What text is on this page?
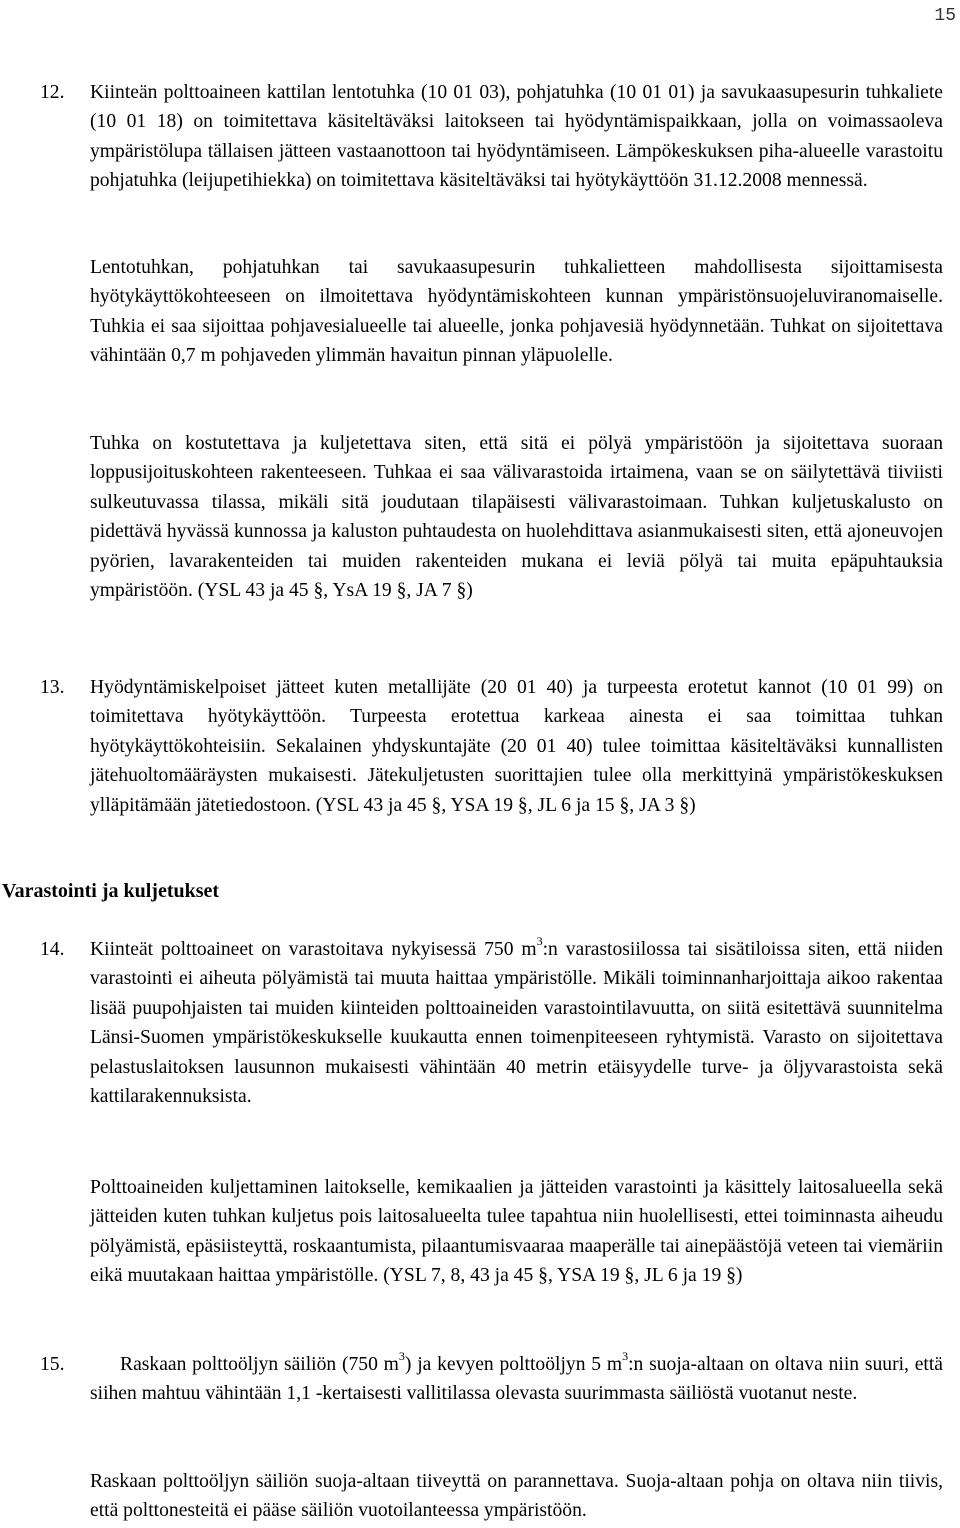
15
12. Kiinteän polttoaineen kattilan lentotuhka (10 01 03), pohjatuhka (10 01 01) ja savukaasupesurin tuhkaliete (10 01 18) on toimitettava käsiteltäväksi laitokseen tai hyödyntämispaikkaan, jolla on voimassaoleva ympäristölupa tällaisen jätteen vastaanottoon tai hyödyntämiseen. Lämpökeskuksen piha-alueelle varastoitu pohjatuhka (leijupetihiekka) on toimitettava käsiteltäväksi tai hyötykäyttöön 31.12.2008 mennessä.

Lentotuhkan, pohjatuhkan tai savukaasupesurin tuhkalietteen mahdollisesta sijoittamisesta hyötykäyttökohteeseen on ilmoitettava hyödyntämiskohteen kunnan ympäristönsuojeluviranomaiselle. Tuhkia ei saa sijoittaa pohjavesialueelle tai alueelle, jonka pohjavesiä hyödynnetään. Tuhkat on sijoitettava vähintään 0,7 m pohjaveden ylimmän havaitun pinnan yläpuolelle.

Tuhka on kostutettava ja kuljetettava siten, että sitä ei pölyä ympäristöön ja sijoitettava suoraan loppusijoituskohteen rakenteeseen. Tuhkaa ei saa välivarastoida irtaimena, vaan se on säilytettävä tiiviisti sulkeutuvassa tilassa, mikäli sitä joudutaan tilapäisesti välivarastoimaan. Tuhkan kuljetuskalusto on pidettävä hyvässä kunnossa ja kaluston puhtaudesta on huolehdittava asianmukaisesti siten, että ajoneuvojen pyörien, lavarakenteiden tai muiden rakenteiden mukana ei leviä pölyä tai muita epäpuhtauksia ympäristöön. (YSL 43 ja 45 §, YsA 19 §, JA 7 §)

13. Hyödyntämiskelpoiset jätteet kuten metallijäte (20 01 40) ja turpeesta erotetut kannot (10 01 99) on toimitettava hyötykäyttöön. Turpeesta erotettua karkeaa ainesta ei saa toimittaa tuhkan hyötykäyttökohteisiin. Sekalainen yhdyskuntajäte (20 01 40) tulee toimittaa käsiteltäväksi kunnallisten jätehuoltomääräysten mukaisesti. Jätekuljetusten suorittajien tulee olla merkittyinä ympäristökeskuksen ylläpitämään jätetiedostoon. (YSL 43 ja 45 §, YSA 19 §, JL 6 ja 15 §, JA 3 §)

Varastointi ja kuljetukset
14. Kiinteät polttoaineet on varastoitava nykyisessä 750 $m^3:n$ varastosiilossa tai sisätiloissa siten, että niiden varastointi ei aiheuta pölyämistä tai muuta haittaa ympäristölle. Mikäli toiminnanharjoittaja aikoo rakentaa lisää puupohjaisten tai muiden kiinteiden polttoaineiden varastointilavuutta, on siitä esitettävä suunnitelma Länsi-Suomen ympäristökeskukselle kuukautta ennen toimenpiteeseen ryhtymistä. Varasto on sijoitettava pelastuslaitoksen lausunnon mukaisesti vähintään 40 metrin etäisyydelle turve- ja öljyvarastoista sekä kattilarakennuksista.

Polttoaineiden kuljettaminen laitokselle, kemikaalien ja jätteiden varastointi ja käsittely laitosalueella sekä jätteiden kuten tuhkan kuljetus pois laitosalueelta tulee tapahtua niin huolellisesti, ettei toiminnasta aiheudu pölyämistä, epäsiisteyttä, roskaantumista, pilaantumisvaaraa maaperälle tai ainepäästöjä veteen tai viemäriin eikä muutakaan haittaa ympäristölle. (YSL 7, 8, 43 ja 45 §, YSA 19 §, JL 6 ja 19 §)

15.	Raskaan polttoöljyn säiliön (750 $m^3$) ja kevyen polttoöljyn 5 $m^3:n$ suoja-altaan on oltava niin suuri, että siihen mahtuu vähintään 1,1 -kertaisesti vallitilassa olevasta suurimmasta säiliöstä vuotanut neste.

Raskaan polttoöljyn säiliön suoja-altaan tiiveyttä on parannettava. Suoja-altaan pohja on oltava niin tiivis, että polttonesteitä ei pääse säiliön vuotoilanteessa ympäristöön.
